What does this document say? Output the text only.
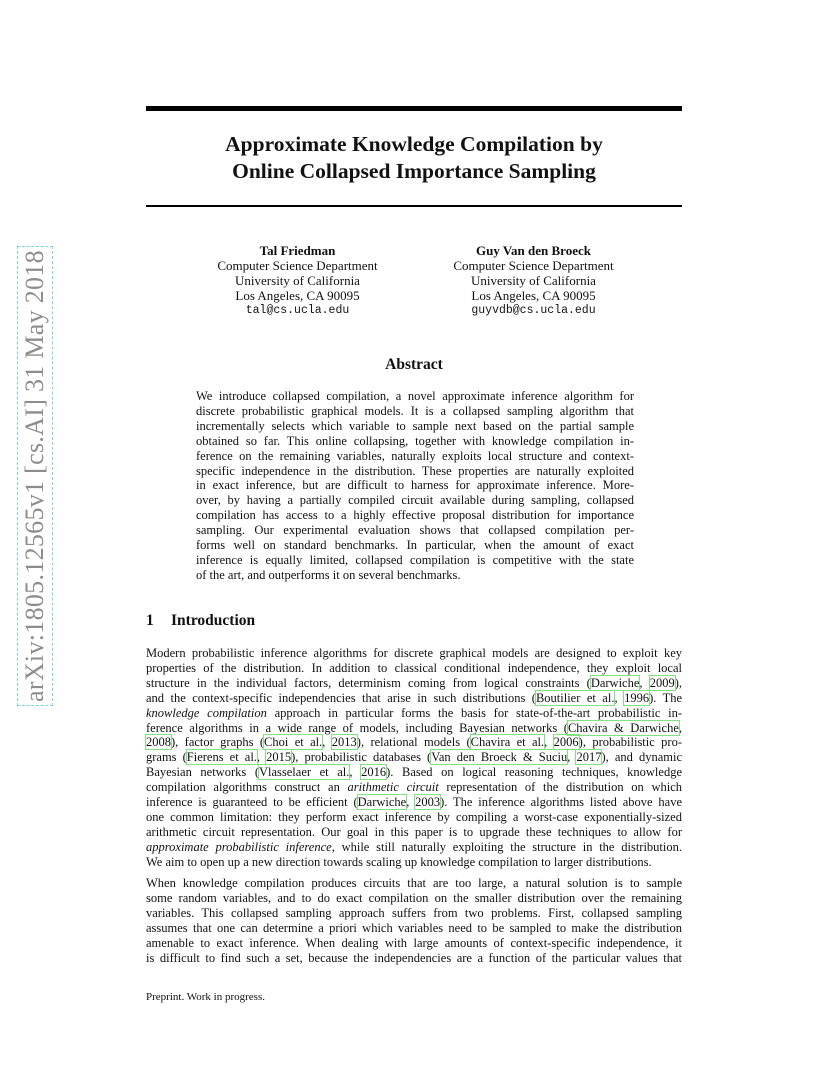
arXiv:1805.12565v1 [cs.AI] 31 May 2018
Approximate Knowledge Compilation by
Online Collapsed Importance Sampling
Tal Friedman
Computer Science Department
University of California
Los Angeles, CA 90095
tal@cs.ucla.edu
Guy Van den Broeck
Computer Science Department
University of California
Los Angeles, CA 90095
guyvdb@cs.ucla.edu
Abstract
We introduce collapsed compilation, a novel approximate inference algorithm for
discrete probabilistic graphical models. It is a collapsed sampling algorithm that
incrementally selects which variable to sample next based on the partial sample
obtained so far. This online collapsing, together with knowledge compilation in-
ference on the remaining variables, naturally exploits local structure and context-
specific independence in the distribution. These properties are naturally exploited
in exact inference, but are difficult to harness for approximate inference. More-
over, by having a partially compiled circuit available during sampling, collapsed
compilation has access to a highly effective proposal distribution for importance
sampling. Our experimental evaluation shows that collapsed compilation per-
forms well on standard benchmarks. In particular, when the amount of exact
inference is equally limited, collapsed compilation is competitive with the state
of the art, and outperforms it on several benchmarks.
1 Introduction
Modern probabilistic inference algorithms for discrete graphical models are designed to exploit key
properties of the distribution. In addition to classical conditional independence, they exploit local
structure in the individual factors, determinism coming from logical constraints (Darwiche, 2009),
and the context-specific independencies that arise in such distributions (Boutilier et al., 1996). The
knowledge compilation approach in particular forms the basis for state-of-the-art probabilistic in-
ference algorithms in a wide range of models, including Bayesian networks (Chavira & Darwiche,
2008), factor graphs (Choi et al., 2013), relational models (Chavira et al., 2006), probabilistic pro-
grams (Fierens et al., 2015), probabilistic databases (Van den Broeck & Suciu, 2017), and dynamic
Bayesian networks (Vlasselaer et al., 2016). Based on logical reasoning techniques, knowledge
compilation algorithms construct an arithmetic circuit representation of the distribution on which
inference is guaranteed to be efficient (Darwiche, 2003). The inference algorithms listed above have
one common limitation: they perform exact inference by compiling a worst-case exponentially-sized
arithmetic circuit representation. Our goal in this paper is to upgrade these techniques to allow for
approximate probabilistic inference, while still naturally exploiting the structure in the distribution.
We aim to open up a new direction towards scaling up knowledge compilation to larger distributions.
When knowledge compilation produces circuits that are too large, a natural solution is to sample
some random variables, and to do exact compilation on the smaller distribution over the remaining
variables. This collapsed sampling approach suffers from two problems. First, collapsed sampling
assumes that one can determine a priori which variables need to be sampled to make the distribution
amenable to exact inference. When dealing with large amounts of context-specific independence, it
is difficult to find such a set, because the independencies are a function of the particular values that
Preprint. Work in progress.
